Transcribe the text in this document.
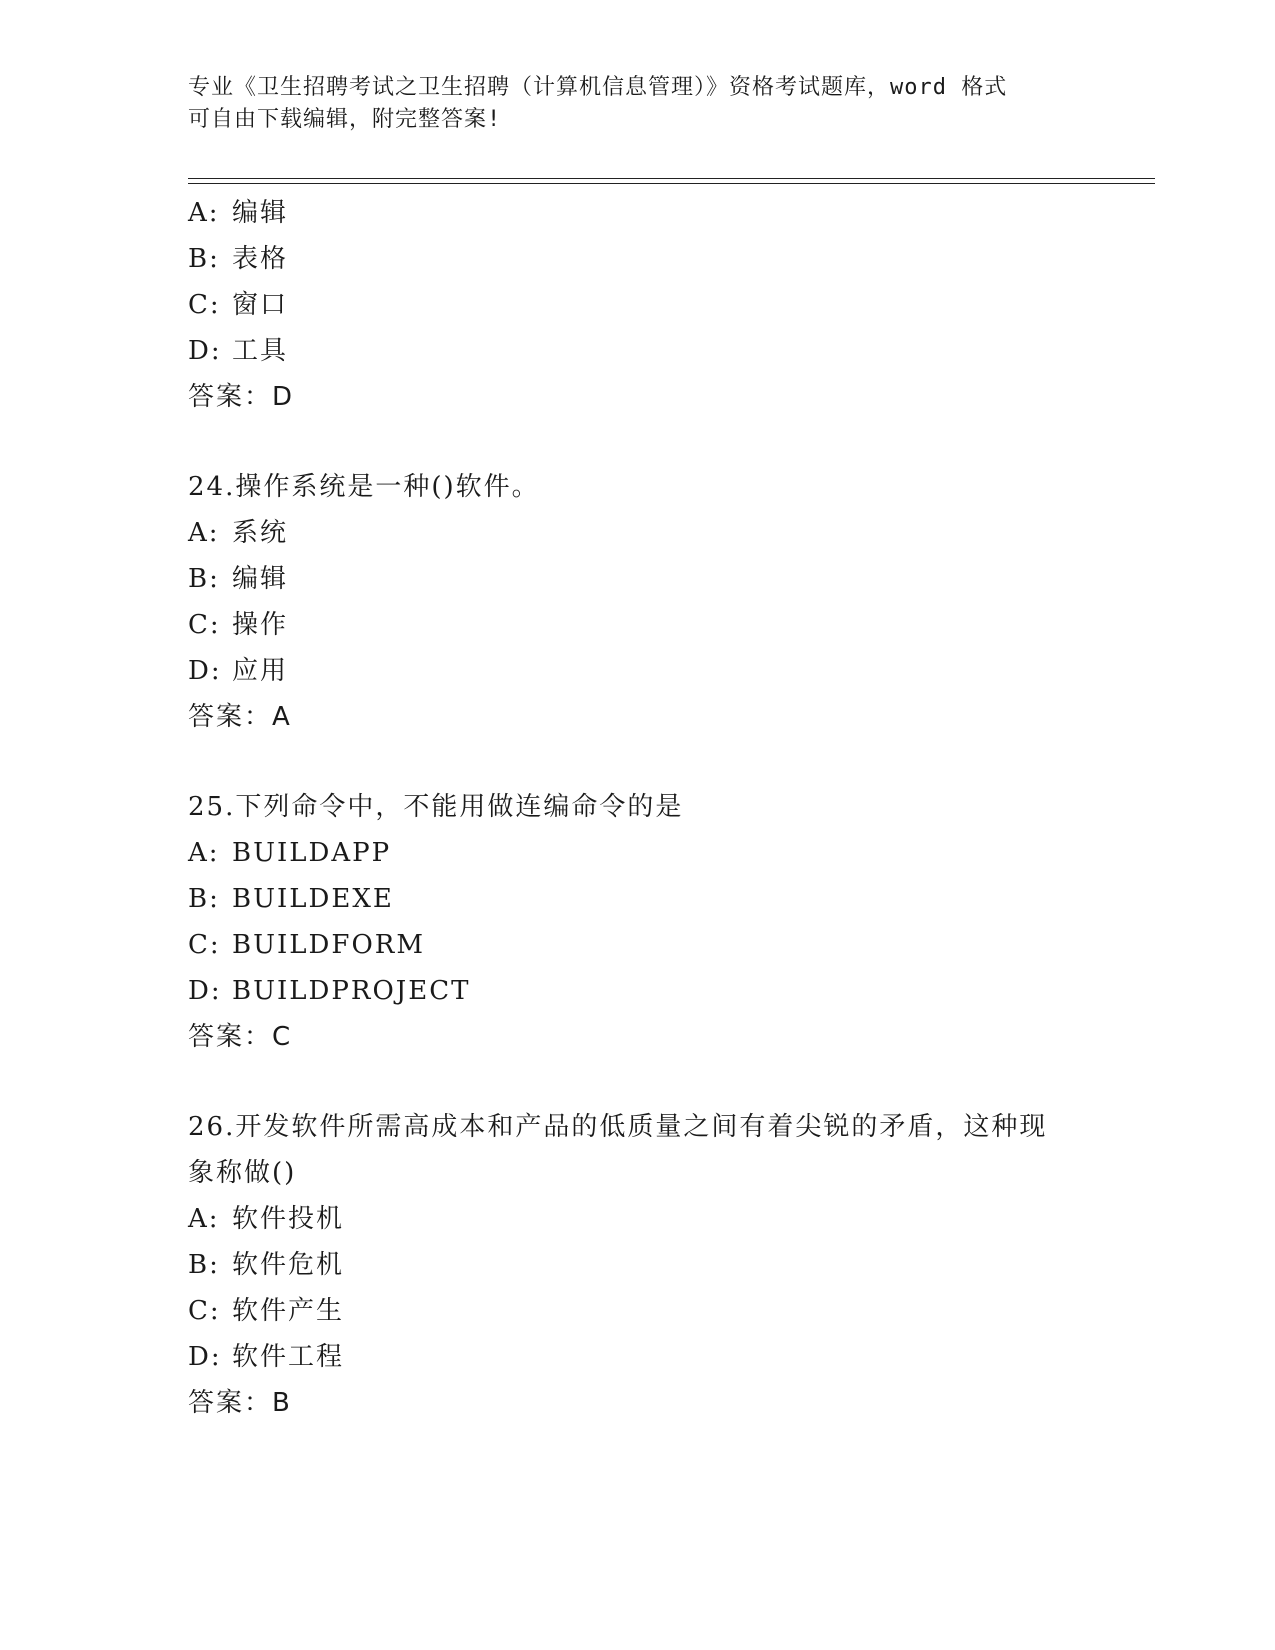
专业《卫生招聘考试之卫生招聘（计算机信息管理）》资格考试题库，word 格式
可自由下载编辑，附完整答案!
A: 编辑
B: 表格
C: 窗口
D: 工具
答案：D
24.操作系统是一种()软件。
A: 系统
B: 编辑
C: 操作
D: 应用
答案：A
25.下列命令中，不能用做连编命令的是
A: BUILDAPP
B: BUILDEXE
C: BUILDFORM
D: BUILDPROJECT
答案：C
26.开发软件所需高成本和产品的低质量之间有着尖锐的矛盾，这种现
象称做()
A: 软件投机
B: 软件危机
C: 软件产生
D: 软件工程
答案：B
